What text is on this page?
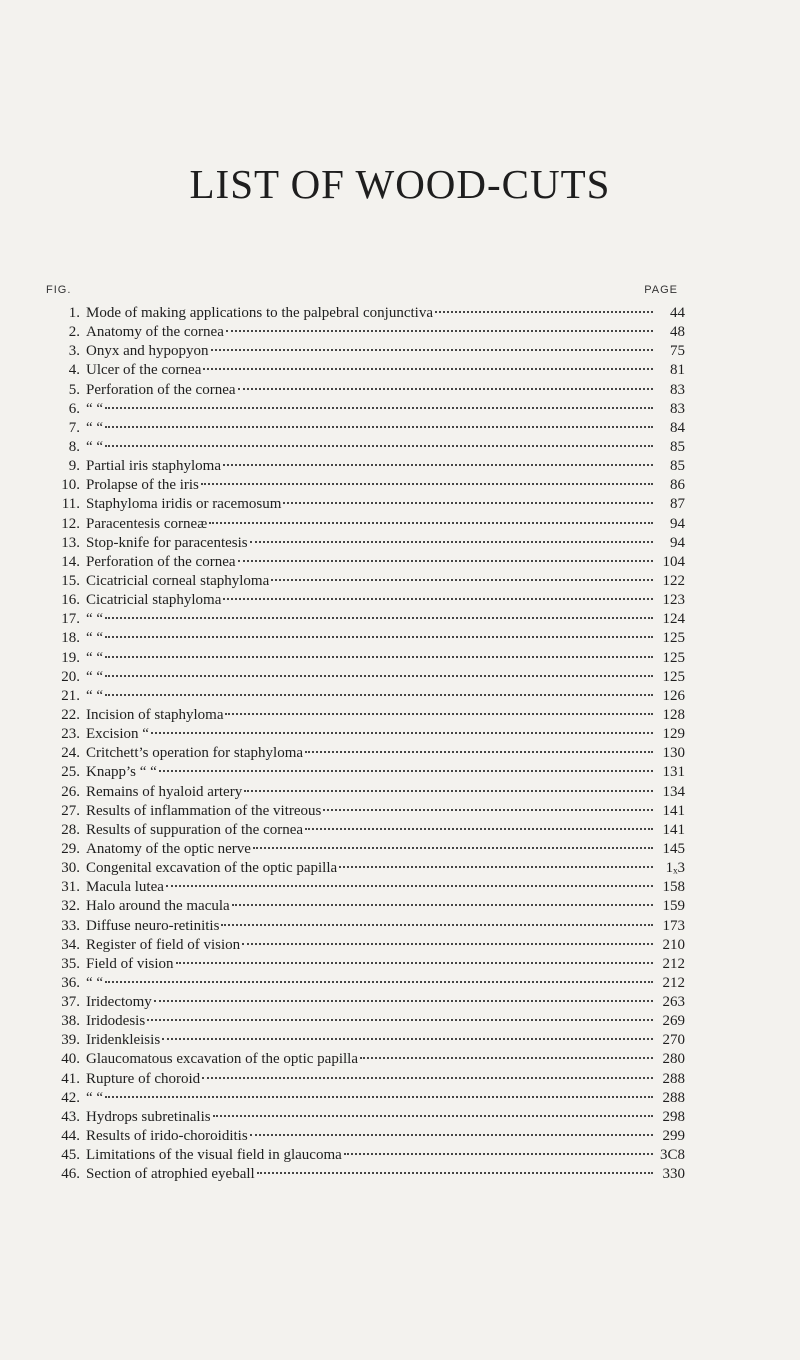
LIST OF WOOD-CUTS
FIG.	PAGE
1. Mode of making applications to the palpebral conjunctiva	44
2. Anatomy of the cornea	48
3. Onyx and hypopyon	75
4. Ulcer of the cornea	81
5. Perforation of the cornea	83
6. “ “	83
7. “ “	84
8. “ “	85
9. Partial iris staphyloma	85
10. Prolapse of the iris	86
11. Staphyloma iridis or racemosum	87
12. Paracentesis corneæ	94
13. Stop-knife for paracentesis	94
14. Perforation of the cornea	104
15. Cicatricial corneal staphyloma	122
16. Cicatricial staphyloma	123
17. “ “	124
18. “ “	125
19. “ “	125
20. “ “	125
21. “ “	126
22. Incision of staphyloma	128
23. Excision “	129
24. Critchett’s operation for staphyloma	130
25. Knapp’s “ “	131
26. Remains of hyaloid artery	134
27. Results of inflammation of the vitreous	141
28. Results of suppuration of the cornea	141
29. Anatomy of the optic nerve	145
30. Congenital excavation of the optic papilla	1ₓ3
31. Macula lutea	158
32. Halo around the macula	159
33. Diffuse neuro-retinitis	173
34. Register of field of vision	210
35. Field of vision	212
36. “ “	212
37. Iridectomy	263
38. Iridodesis	269
39. Iridenkleisis	270
40. Glaucomatous excavation of the optic papilla	280
41. Rupture of choroid	288
42. “ “	288
43. Hydrops subretinalis	298
44. Results of irido-choroiditis	299
45. Limitations of the visual field in glaucoma	3C8
46. Section of atrophied eyeball	330
